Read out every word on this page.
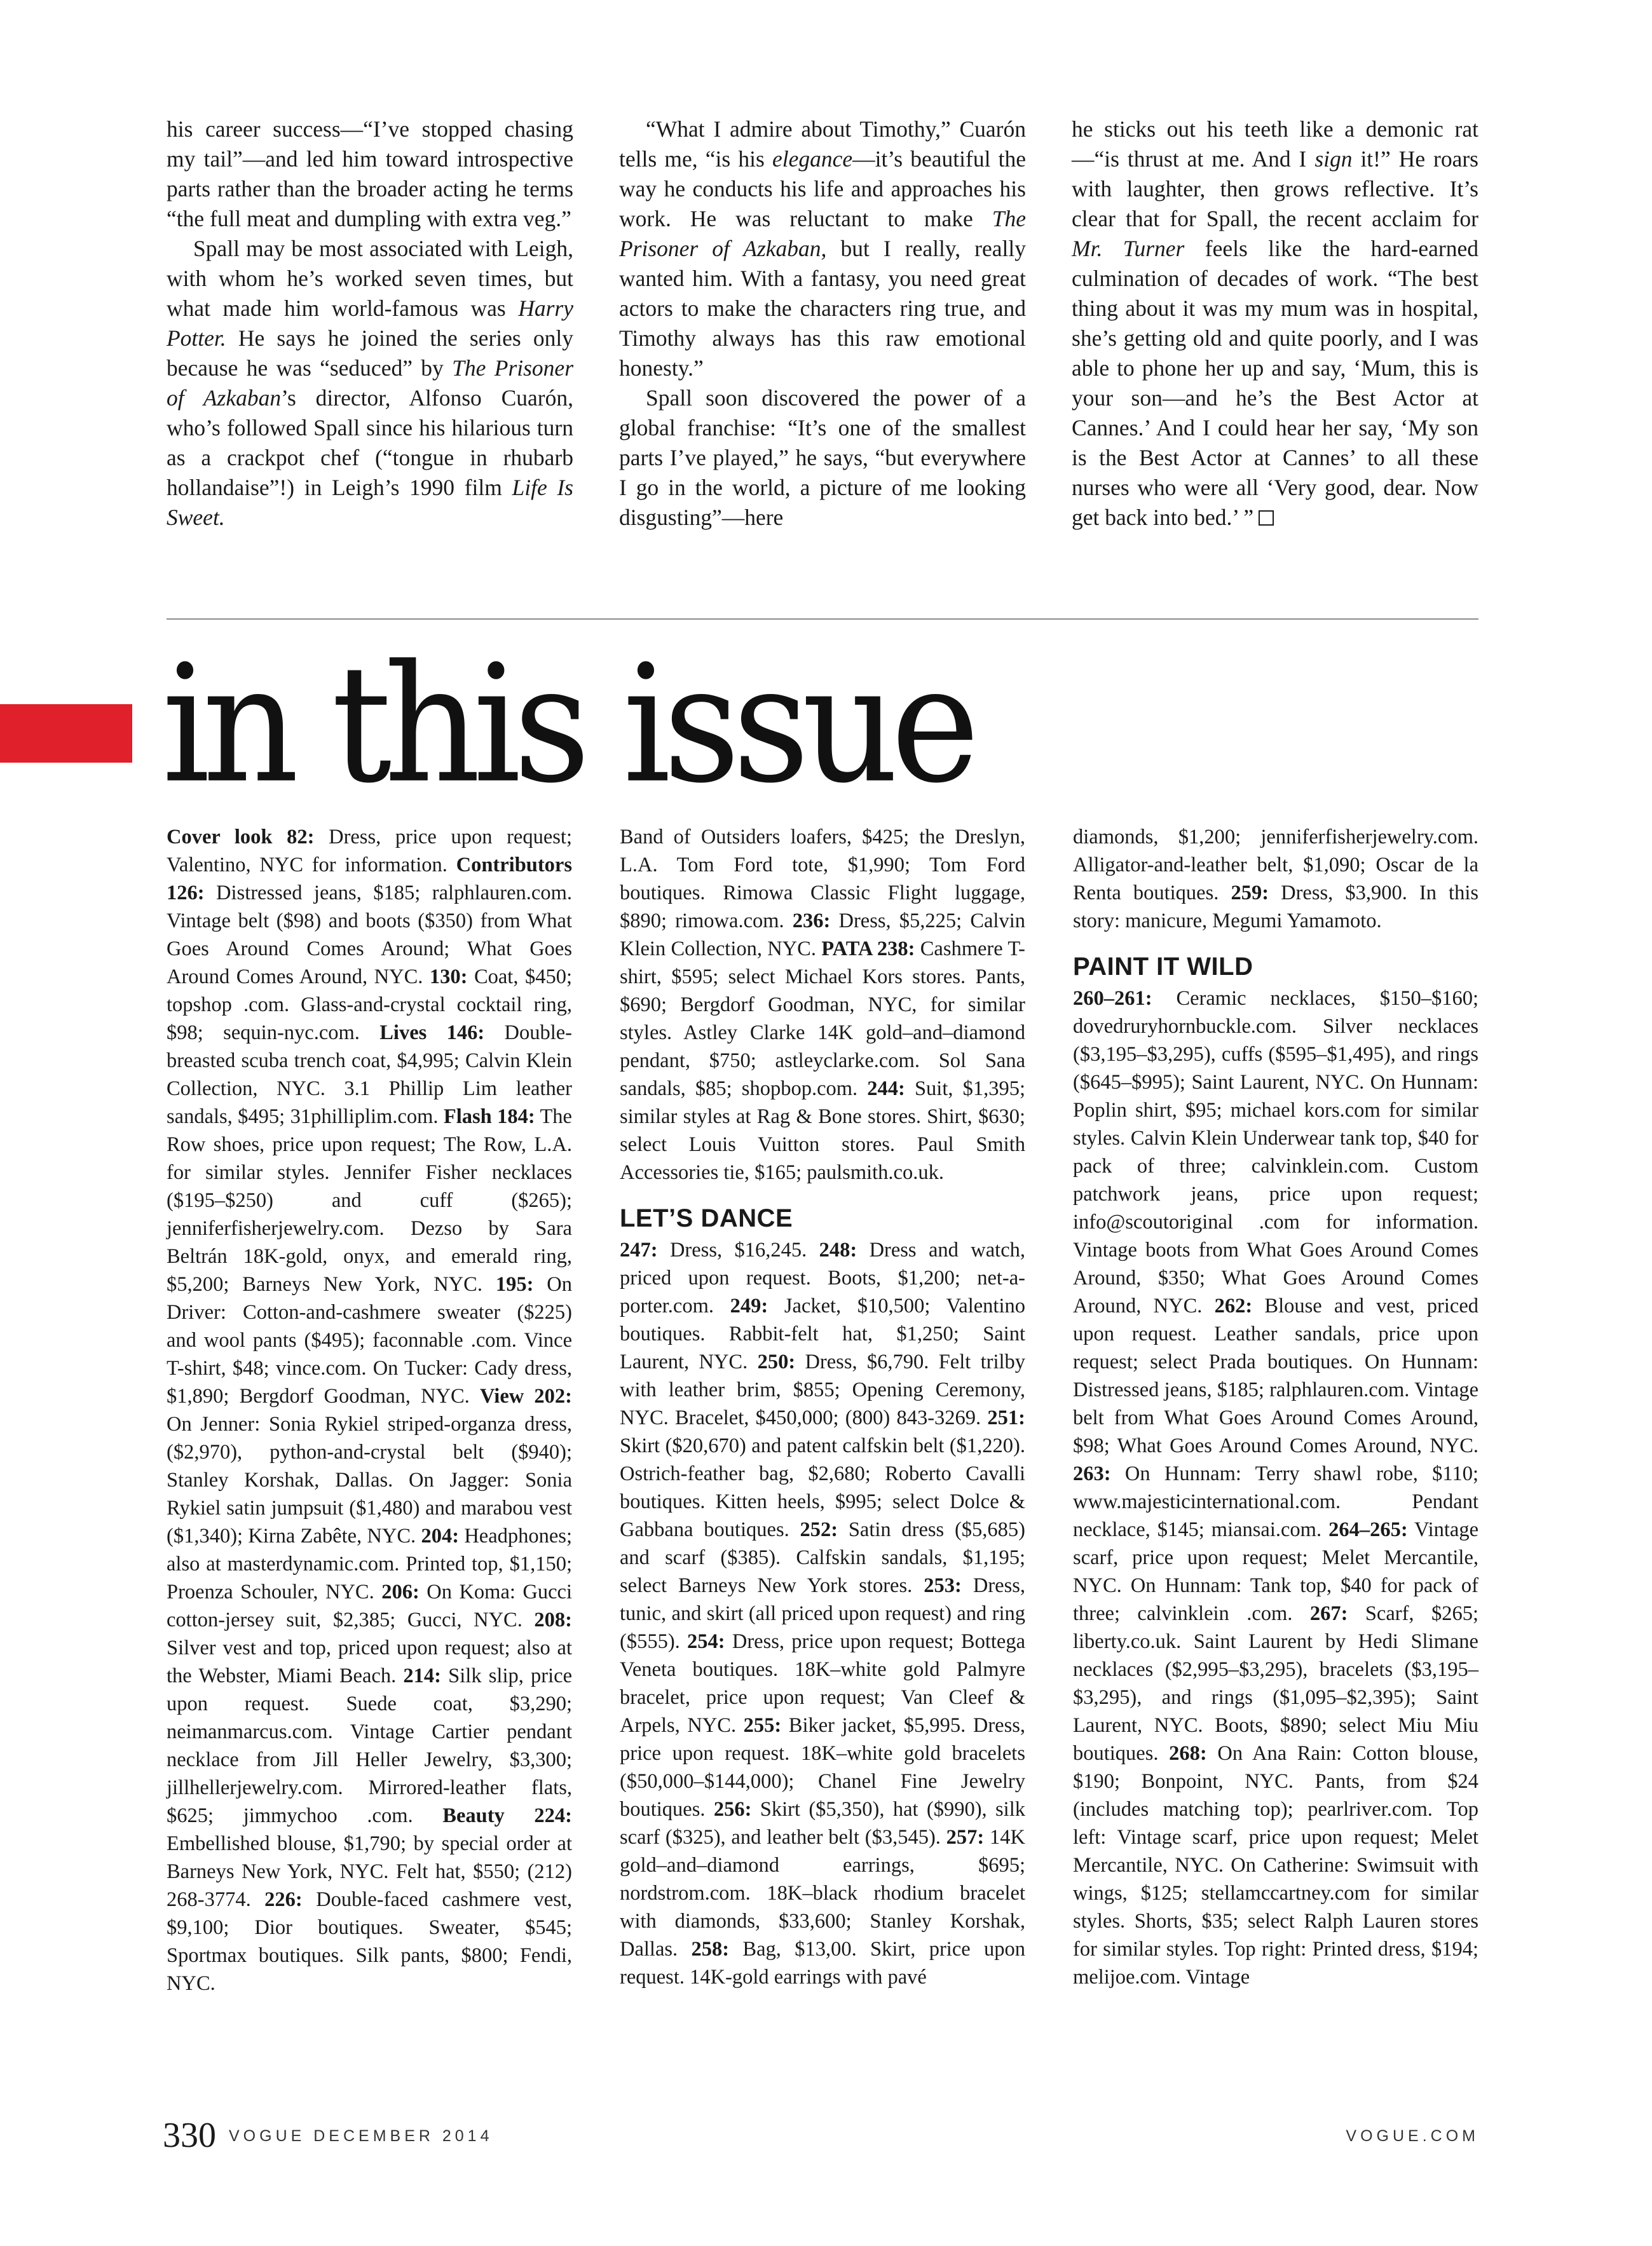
his career success—“I’ve stopped chasing my tail”—and led him toward introspective parts rather than the broader acting he terms “the full meat and dumpling with extra veg.”

Spall may be most associated with Leigh, with whom he’s worked seven times, but what made him world-famous was Harry Potter. He says he joined the series only because he was “seduced” by The Prisoner of Azkaban’s director, Alfonso Cuarón, who’s followed Spall since his hilarious turn as a crackpot chef (“tongue in rhubarb hollandaise”!) in Leigh’s 1990 film Life Is Sweet.

“What I admire about Timothy,” Cuarón tells me, “is his elegance—it’s beautiful the way he conducts his life and approaches his work. He was reluctant to make The Prisoner of Azkaban, but I really, really wanted him. With a fantasy, you need great actors to make the characters ring true, and Timothy always has this raw emotional honesty.”

Spall soon discovered the power of a global franchise: “It’s one of the smallest parts I’ve played,” he says, “but everywhere I go in the world, a picture of me looking disgusting”—here

he sticks out his teeth like a demonic rat—“is thrust at me. And I sign it!” He roars with laughter, then grows reflective. It’s clear that for Spall, the recent acclaim for Mr. Turner feels like the hard-earned culmination of decades of work. “The best thing about it was my mum was in hospital, she’s getting old and quite poorly, and I was able to phone her up and say, ‘Mum, this is your son—and he’s the Best Actor at Cannes.’ And I could hear her say, ‘My son is the Best Actor at Cannes’ to all these nurses who were all ‘Very good, dear. Now get back into bed.’ ”

in this issue

Cover look 82: Dress, price upon request; Valentino, NYC for information. Contributors 126: Distressed jeans, $185; ralphlauren.com. Vintage belt ($98) and boots ($350) from What Goes Around Comes Around; What Goes Around Comes Around, NYC. 130: Coat, $450; topshop .com. Glass-and-crystal cocktail ring, $98; sequin-nyc.com. Lives 146: Double-breasted scuba trench coat, $4,995; Calvin Klein Collection, NYC. 3.1 Phillip Lim leather sandals, $495; 31philliplim.com. Flash 184: The Row shoes, price upon request; The Row, L.A. for similar styles. Jennifer Fisher necklaces ($195–$250) and cuff ($265); jenniferfisherjewelry.com. Dezso by Sara Beltrán 18K-gold, onyx, and emerald ring, $5,200; Barneys New York, NYC. 195: On Driver: Cotton-and-cashmere sweater ($225) and wool pants ($495); faconnable .com. Vince T-shirt, $48; vince.com. On Tucker: Cady dress, $1,890; Bergdorf Goodman, NYC. View 202: On Jenner: Sonia Rykiel striped-organza dress, ($2,970), python-and-crystal belt ($940); Stanley Korshak, Dallas. On Jagger: Sonia Rykiel satin jumpsuit ($1,480) and marabou vest ($1,340); Kirna Zabête, NYC. 204: Headphones; also at masterdynamic.com. Printed top, $1,150; Proenza Schouler, NYC. 206: On Koma: Gucci cotton-jersey suit, $2,385; Gucci, NYC. 208: Silver vest and top, priced upon request; also at the Webster, Miami Beach. 214: Silk slip, price upon request. Suede coat, $3,290; neimanmarcus.com. Vintage Cartier pendant necklace from Jill Heller Jewelry, $3,300; jillhellerjewelry.com. Mirrored-leather flats, $625; jimmychoo .com. Beauty 224: Embellished blouse, $1,790; by special order at Barneys New York, NYC. Felt hat, $550; (212) 268-3774. 226: Double-faced cashmere vest, $9,100; Dior boutiques. Sweater, $545; Sportmax boutiques. Silk pants, $800; Fendi, NYC.

Band of Outsiders loafers, $425; the Dreslyn, L.A. Tom Ford tote, $1,990; Tom Ford boutiques. Rimowa Classic Flight luggage, $890; rimowa.com. 236: Dress, $5,225; Calvin Klein Collection, NYC. PATA 238: Cashmere T-shirt, $595; select Michael Kors stores. Pants, $690; Bergdorf Goodman, NYC, for similar styles. Astley Clarke 14K gold–and–diamond pendant, $750; astleyclarke.com. Sol Sana sandals, $85; shopbop.com. 244: Suit, $1,395; similar styles at Rag & Bone stores. Shirt, $630; select Louis Vuitton stores. Paul Smith Accessories tie, $165; paulsmith.co.uk.

LET’S DANCE

247: Dress, $16,245. 248: Dress and watch, priced upon request. Boots, $1,200; net-a-porter.com. 249: Jacket, $10,500; Valentino boutiques. Rabbit-felt hat, $1,250; Saint Laurent, NYC. 250: Dress, $6,790. Felt trilby with leather brim, $855; Opening Ceremony, NYC. Bracelet, $450,000; (800) 843-3269. 251: Skirt ($20,670) and patent calfskin belt ($1,220). Ostrich-feather bag, $2,680; Roberto Cavalli boutiques. Kitten heels, $995; select Dolce & Gabbana boutiques. 252: Satin dress ($5,685) and scarf ($385). Calfskin sandals, $1,195; select Barneys New York stores. 253: Dress, tunic, and skirt (all priced upon request) and ring ($555). 254: Dress, price upon request; Bottega Veneta boutiques. 18K–white gold Palmyre bracelet, price upon request; Van Cleef & Arpels, NYC. 255: Biker jacket, $5,995. Dress, price upon request. 18K–white gold bracelets ($50,000–$144,000); Chanel Fine Jewelry boutiques. 256: Skirt ($5,350), hat ($990), silk scarf ($325), and leather belt ($3,545). 257: 14K gold–and–diamond earrings, $695; nordstrom.com. 18K–black rhodium bracelet with diamonds, $33,600; Stanley Korshak, Dallas. 258: Bag, $13,00. Skirt, price upon request. 14K-gold earrings with pavé

diamonds, $1,200; jenniferfisherjewelry.com. Alligator-and-leather belt, $1,090; Oscar de la Renta boutiques. 259: Dress, $3,900. In this story: manicure, Megumi Yamamoto.

PAINT IT WILD

260–261: Ceramic necklaces, $150–$160; dovedruryhornbuckle.com. Silver necklaces ($3,195–$3,295), cuffs ($595–$1,495), and rings ($645–$995); Saint Laurent, NYC. On Hunnam: Poplin shirt, $95; michael kors.com for similar styles. Calvin Klein Underwear tank top, $40 for pack of three; calvinklein.com. Custom patchwork jeans, price upon request; info@scoutoriginal .com for information. Vintage boots from What Goes Around Comes Around, $350; What Goes Around Comes Around, NYC. 262: Blouse and vest, priced upon request. Leather sandals, price upon request; select Prada boutiques. On Hunnam: Distressed jeans, $185; ralphlauren.com. Vintage belt from What Goes Around Comes Around, $98; What Goes Around Comes Around, NYC. 263: On Hunnam: Terry shawl robe, $110; www.majesticinternational.com. Pendant necklace, $145; miansai.com. 264–265: Vintage scarf, price upon request; Melet Mercantile, NYC. On Hunnam: Tank top, $40 for pack of three; calvinklein .com. 267: Scarf, $265; liberty.co.uk. Saint Laurent by Hedi Slimane necklaces ($2,995–$3,295), bracelets ($3,195–$3,295), and rings ($1,095–$2,395); Saint Laurent, NYC. Boots, $890; select Miu Miu boutiques. 268: On Ana Rain: Cotton blouse, $190; Bonpoint, NYC. Pants, from $24 (includes matching top); pearlriver.com. Top left: Vintage scarf, price upon request; Melet Mercantile, NYC. On Catherine: Swimsuit with wings, $125; stellamccartney.com for similar styles. Shorts, $35; select Ralph Lauren stores for similar styles. Top right: Printed dress, $194; melijoe.com. Vintage

330 VOGUE DECEMBER 2014	VOGUE.COM
